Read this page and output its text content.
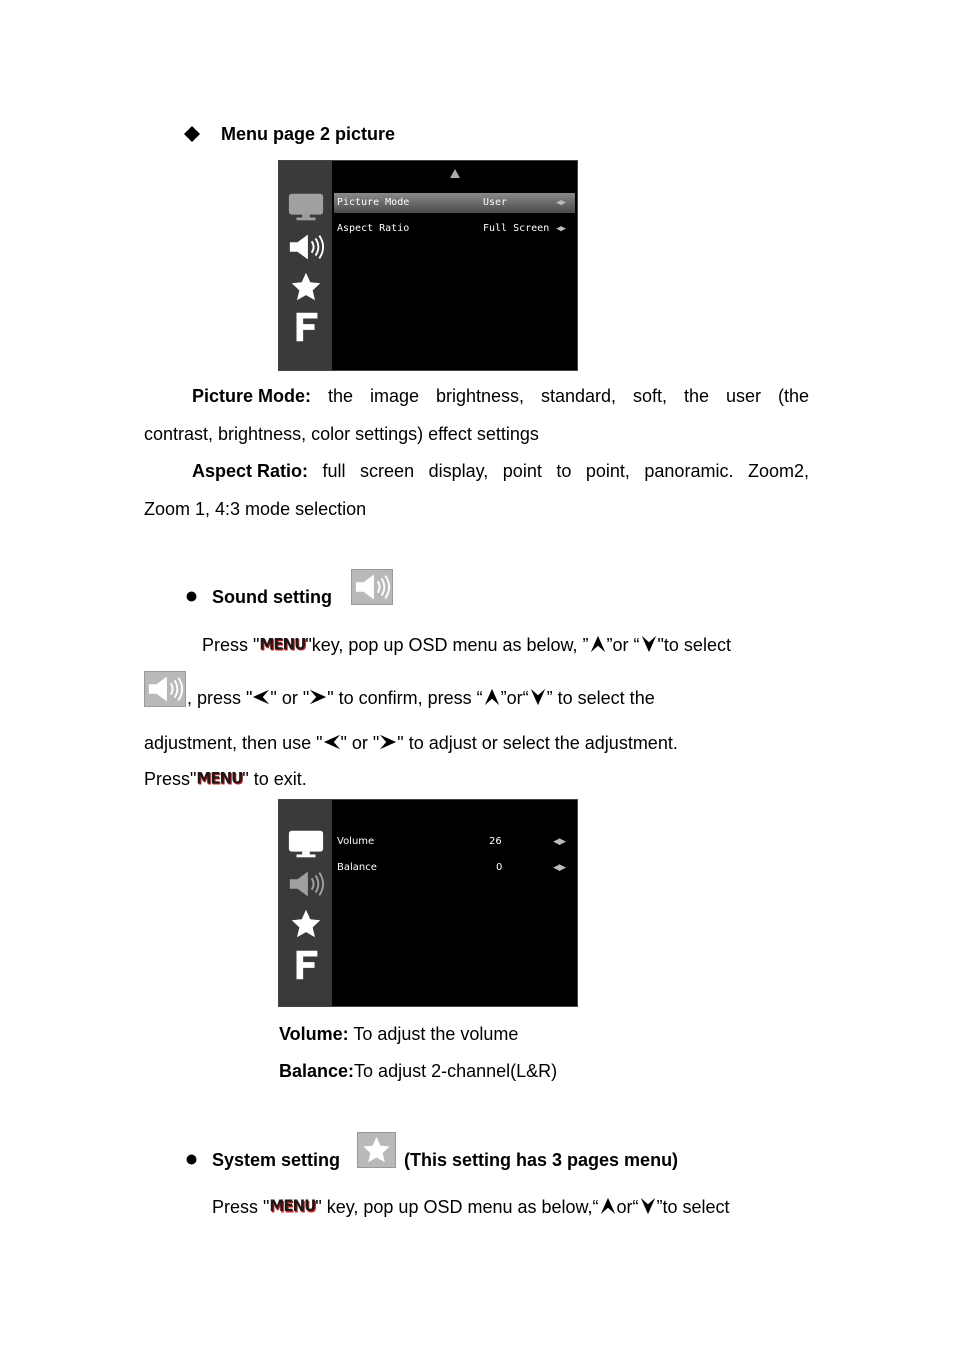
Menu page 2 picture
Picture Mode	User	◀▶
Aspect Ratio	Full Screen ◀▶
Picture Mode: the image brightness, standard, soft, the user (the
contrast, brightness, color settings) effect settings
Aspect Ratio: full screen display, point to point, panoramic. Zoom2,
Zoom 1, 4:3 mode selection
Sound setting
Press "MENU"key, pop up OSD menu as below, ” ”or “ "to select
, press " " or " " to confirm, press “ ”or“ ” to select the
adjustment, then use " " or " " to adjust or select the adjustment.
Press"MENU" to exit.
Volume	26	◀▶
Balance	0	◀▶
Volume: To adjust the volume
Balance:To adjust 2-channel(L&R)
System setting	(This setting has 3 pages menu)
Press "MENU" key, pop up OSD menu as below,“ or“ ”to select
